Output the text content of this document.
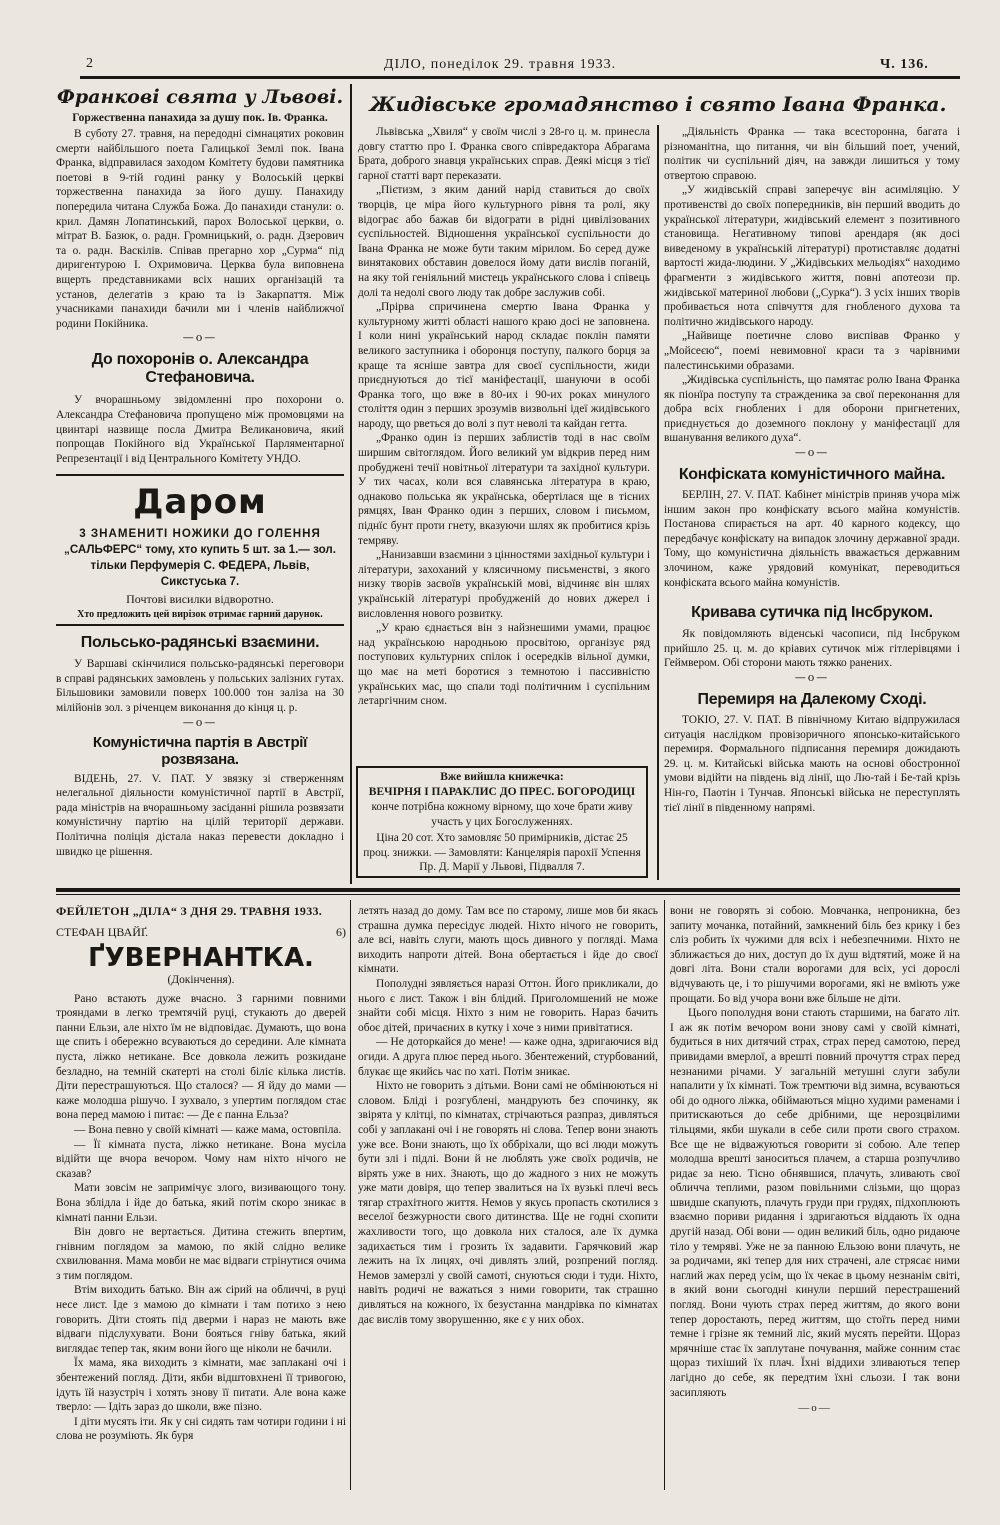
2	ДІЛО, понеділок 29. травня 1933.	Ч. 136.
Франкові свята у Львові.
Горжественна панахида за душу пок. Ів. Франка.

В суботу 27. травня, на передодні сімнацятих роковин смерти найбільшого поета Галицької Землі пок. Івана Франка, відправилася заходом Комітету будови памятника поетові в 9-тій годині ранку у Волоській церкві торжественна панахида за його душу. Панахиду попередила читана Служба Божа. До панахиди станули: о. крил. Дамян Лопатинський, парох Волоської церкви, о. мітрат В. Базюк, о. радн. Громницький, о. радн. Дзерович та о. радн. Васкілів. Співав прегарно хор „Сурма“ під диригентурою І. Охримовича. Церква була виповнена вщерть представниками всіх наших організацій та установ, делегатів з краю та із Закарпаття. Між учасниками панахиди бачили ми і членів найближчої родини Покійника.

—o—
До похоронів о. Александра Стефановича.

У вчорашньому звідомленні про похорони о. Александра Стефановича пропущено між промовцями на цвинтарі назвище посла Дмитра Великановича, який попрощав Покійного від Української Парляментарної Репрезентації і від Центрального Комітету УНДО.

Даром
3 ЗНАМЕНИТІ НОЖИКИ ДО ГОЛЕННЯ
„САЛЬФЕРС“ тому, хто купить 5 шт. за 1.— зол.
тільки Перфумерія С. ФЕДЕРА, Львів,
Сикстуська 7.
Почтові висилки відворотно.
Хто предложить цей вирізок отримає гарний дарунок.
Польсько-радянські взаємини.

У Варшаві скінчилися польсько-радянські переговори в справі радянських замовлень у польських залізних гутах. Більшовики замовили поверх 100.000 тон заліза на 30 мілійонів зол. з річенцем виконання до кінця ц. р.

—o—
Комуністична партія в Австрії розвязана.

ВІДЕНЬ, 27. V. ПАТ. У звязку зі стверженням нелегальної діяльности комуністичної партії в Австрії, рада міністрів на вчорашньому засіданні рішила розвязати комуністичну партію на цілій території держави. Політична поліція дістала наказ перевести докладно і швидко це рішення.

Жидівське громадянство і свято Івана Франка.

Львівська „Хвиля“ у своїм числі з 28-го ц. м. принесла довгу статтю про І. Франка свого співредактора Абрагама Брата, доброго знавця українських справ. Деякі місця з тієї гарної статті варт переказати.

„Пієтизм, з яким даний нарід ставиться до своїх творців, це міра його культурного рівня та ролі, яку відограє або бажав би відограти в рідні цивілізованих суспільностей. Відношення української суспільности до Івана Франка не може бути таким мірилом. Бо серед дуже винятакових обставин довелося йому дати вислів поганій, на яку той геніяльний мистець українського слова і співець долі та недолі свого люду так добре заслужив собі.

„Прірва спричинена смертю Івана Франка у культурному житті області нашого краю досі не заповнена. І коли нині український народ складає поклін памяти великого заступника і оборонця поступу, палкого борця за краще та ясніше завтра для своєї суспільности, жиди приєднуються до тієї маніфестації, шануючи в особі Франка того, що вже в 80-их і 90-их роках минулого століття один з перших зрозумів визвольні ідеї жидівського народу, що рветься до волі з пут неволі та кайдан гетта.

„Франко один із перших заблистів тоді в нас своїм ширшим світоглядом. Його великий ум відкрив перед ним пробуджені течії новітньої літератури та західної культури. У тих часах, коли вся славянська література в краю, однаково польська як українська, обертілася ще в тісних рямцях, Іван Франко один з перших, словом і письмом, піднїс бунт проти гнету, вказуючи шлях як пробитися крізь темряву.

„Нанизавши взаємини з цінностями західньої культури і літератури, захоханий у клясичному письменстві, з якого низку творів засвоїв українській мові, відчиняє він шлях українській літературі пробудженій до нових джерел і висловлення нового розвитку.

„У краю єднається він з найзнешими умами, працює над українською народньою просвітою, організує ряд поступових культурних спілок і осередків вільної думки, що має на меті боротися з темнотою і пассивністю українських мас, що спали тоді політичним і суспільним летаргічним сном.

Вже вийшла книжечка:
ВЕЧІРНЯ І ПАРАКЛИС ДО ПРЕС. БОГОРОДИЦІ

конче потрібна кожному вірному, що хоче брати живу участь у цих Богослуженнях.

Ціна 20 сот. Хто замовляє 50 примірників, дістає 25 проц. знижки. — Замовляти: Канцелярія парохії Успення Пр. Д. Марії у Львові, Підвалля 7.

„Діяльність Франка — така всесторонна, багата і різноманітна, що питання, чи він більший поет, учений, політик чи суспільний діяч, на завжди лишиться у тому отвертою справою.

„У жидівській справі заперечує він асиміляцію. У противенстві до своїх попередників, він перший вводить до української літератури, жидівський елемент з позитивного становища. Негативному типові арендаря (як досі виведеному в українській літературі) протиставляє додатні вартості жида-людини. У „Жидівських мельодіях“ находимо фрагменти з жидівського життя, повні апотеози пр. жидівської материної любови („Сурка“). З усіх інших творів пробивається нота співчуття для гнобленого духова та політично жидівського народу.

„Найвище поетичне слово виспівав Франко у „Мойсеєю“, поемі невимовної краси та з чарівними палестинськими образами.

„Жидівська суспільність, що памятає ролю Івана Франка як піонїра поступу та стражденика за свої переконання для добра всіх гноблених і для оборони пригнетених, приєднується до доземного поклону у маніфестації для вшанування великого духа“.

—o—
Конфіската комуністичного майна.

БЕРЛІН, 27. V. ПАТ. Кабінет міністрів приняв учора між іншим закон про конфіскату всього майна комуністів. Постанова спирається на арт. 40 карного кодексу, що передбачує конфіскату на випадок злочину державної зради. Тому, що комуністична діяльність вважається державним злочином, каже урядовий комунікат, переводиться конфіската всього майна комуністів.

Кривава сутичка під Інсбруком.

Як повідомляють віденські часописи, під Інсбруком прийшло 25. ц. м. до кріавих сутичок між гітлерівцями і Геймвером. Обі сторони мають тяжко ранених.

—o—
Перемиря на Далекому Сході.

ТОКІО, 27. V. ПАТ. В північному Китаю відпружилася ситуація наслідком провізоричного японсько-китайського перемиря. Формального підписання перемиря дожидають 29. ц. м. Китайські війська мають на основі обостронної умови відійти на південь від лінії, що Лю-тай і Бе-тай крізь Нін-го, Паотін і Тунчав. Японські війська не переступлять тієї лінії в південному напрямі.

ФЕЙЛЕТОН „ДІЛА“ З ДНЯ 29. ТРАВНЯ 1933.
СТЕФАН ЦВАЙҐ.	6)
ҐУВЕРНАНТКА.
(Докінчення).

Рано встають дуже вчасно. З гарними повними трояндами в легко тремтячій руці, стукають до дверей панни Ельзи, але ніхто їм не відповідає. Думають, що вона ще спить і обережно всуваються до середини. Але кімната пуста, ліжко нетикане. Все довкола лежить розкидане безладно, на темній скатерті на столі біліє кілька листів. Діти перестрашуються. Що сталося? — Я йду до мами — каже молодша рішучо. І зухвало, з упертим поглядом стає вона перед мамою і питає: — Де є панна Ельза?

— Вона певно у своїй кімнаті — каже мама, остовпіла.

— Її кімната пуста, ліжко нетикане. Вона мусіла відійти ще вчора вечором. Чому нам ніхто нічого не сказав?

Мати зовсім не запримічує злого, визивающого тону. Вона зблідла і йде до батька, який потім скоро зникає в кімнаті панни Ельзи.

Він довго не вертається. Дитина стежить впертим, гнівним поглядом за мамою, по якій слідно велике схвилювання. Мама мовби не має відваги стрінутися очима з тим поглядом.

Втім виходить батько. Він аж сірий на обличчі, в руці несе лист. Іде з мамою до кімнати і там потихо з нею говорить. Діти стоять під дверми і нараз не мають вже відваги підслухувати. Вони бояться гніву батька, який виглядає тепер так, яким вони його ще ніколи не бачили.

Їх мама, яка виходить з кімнати, має заплакані очі і збентежений погляд. Діти, якби відштовхнені її тривогою, ідуть їй назустріч і хотять знову її питати. Але вона каже тверло: — Ідіть зараз до школи, вже пізно.

І діти мусять іти. Як у сні сидять там чотири години і ні слова не розуміють. Як буря

летять назад до дому. Там все по старому, лише мов би якась страшна думка пересідує людей. Ніхто нічого не говорить, але всі, навіть слуги, мають щось дивного у погляді. Мама виходить напроти дітей. Вона обертається і йде до своєї кімнати.

Пополудні зявляється наразі Оттон. Його прикликали, до нього є лист. Також і він блідий. Приголомшений не може знайти собі місця. Ніхто з ним не говорить. Нараз бачить обоє дітей, причаєних в кутку і хоче з ними привітатися.

— Не доторкайся до мене! — каже одна, здригаючися від огиди. А друга плює перед нього. Збентежений, стурбований, блукає ще якийсь час по хаті. Потім зникає.

Ніхто не говорить з дітьми. Вони самі не обмінюються ні словом. Бліді і розгублені, мандрують без спочинку, як звірята у клітці, по кімнатах, стрічаються разпраз, дивляться собі у заплакані очі і не говорять ні слова. Тепер вони знають уже все. Вони знають, що їх оббріхали, що всі люди можуть бути злі і підлі. Вони й не люблять уже своїх родичів, не вірять уже в них. Знають, що до жадного з них не можуть уже мати довіря, що тепер звалиться на їх вузькі плечі весь тягар страхітного життя. Немов у якусь пропасть скотилися з веселої безжурности свого дитинства. Ще не годні схопити жахливости того, що довкола них сталося, але їх думка задихається тим і грозить їх задавити. Гарячковий жар лежить на їх лицях, очі дивлять злий, розпрений погляд. Немов замерзлі у своїй самоті, снуються сюди і туди. Ніхто, навіть родичі не важаться з ними говорити, так страшно дивляться на кожного, їх безустанна мандрівка по кімнатах дає вислів тому зворушенню, яке є у них обох.

вони не говорять зі собою. Мовчанка, непроникна, без запиту мочанка, потайний, замкнений біль без крику і без сліз робить їх чужими для всіх і небезпечними. Ніхто не зближається до них, доступ до їх душ відтятий, може й на довгі літа. Вони стали ворогами для всіх, усі дорослі відчувають це, і то рішучими ворогами, які не вміють уже прощати. Бо від учора вони вже більше не діти.

Цього пополудня вони стають старшими, на багато літ. І аж як потім вечором вони знову самі у своїй кімнаті, будиться в них дитячий страх, страх перед самотою, перед привидами вмерлої, а врешті повний прочуття страх перед незнаними річами. У загальній метушні слуги забули напалити у їх кімнаті. Тож тремтючи від зимна, всуваються обі до одного ліжка, обіймаються міцно худими раменами і притискаються до себе дрібними, ще нерозцвілими тільцями, якби шукали в себе сили проти свого страхом. Все ще не відважуються говорити зі собою. Але тепер молодша врешті заноситься плачем, а старша розпучливо ридає за нею. Тісно обнявшися, плачуть, зливають свої обличча теплими, разом повільними слізьми, що щораз швидше скапують, плачуть груди при грудях, підхоплюють взаємно пориви ридання і здригаються віддають їх одна другій назад. Обі вони — один великий біль, одно ридаюче тіло у темряві. Уже не за панною Ельзою вони плачуть, не за родичами, які тепер для них страчені, але стрясає ними наглий жах перед усім, що їх чекає в цьому незнанім світі, в який вони сьогодні кинули перший перестрашений погляд. Вони чують страх перед життям, до якого вони тепер доростають, перед життям, що стоїть перед ними темне і грізне як темний ліс, який мусять перейти. Щораз мрячніше стає їх заплутане почування, майже сонним стає щораз тихіший їх плач. Їхні віддихи зливаються тепер лагідно до себе, як передтим їхні сльози. І так вони засипляють

—o—
